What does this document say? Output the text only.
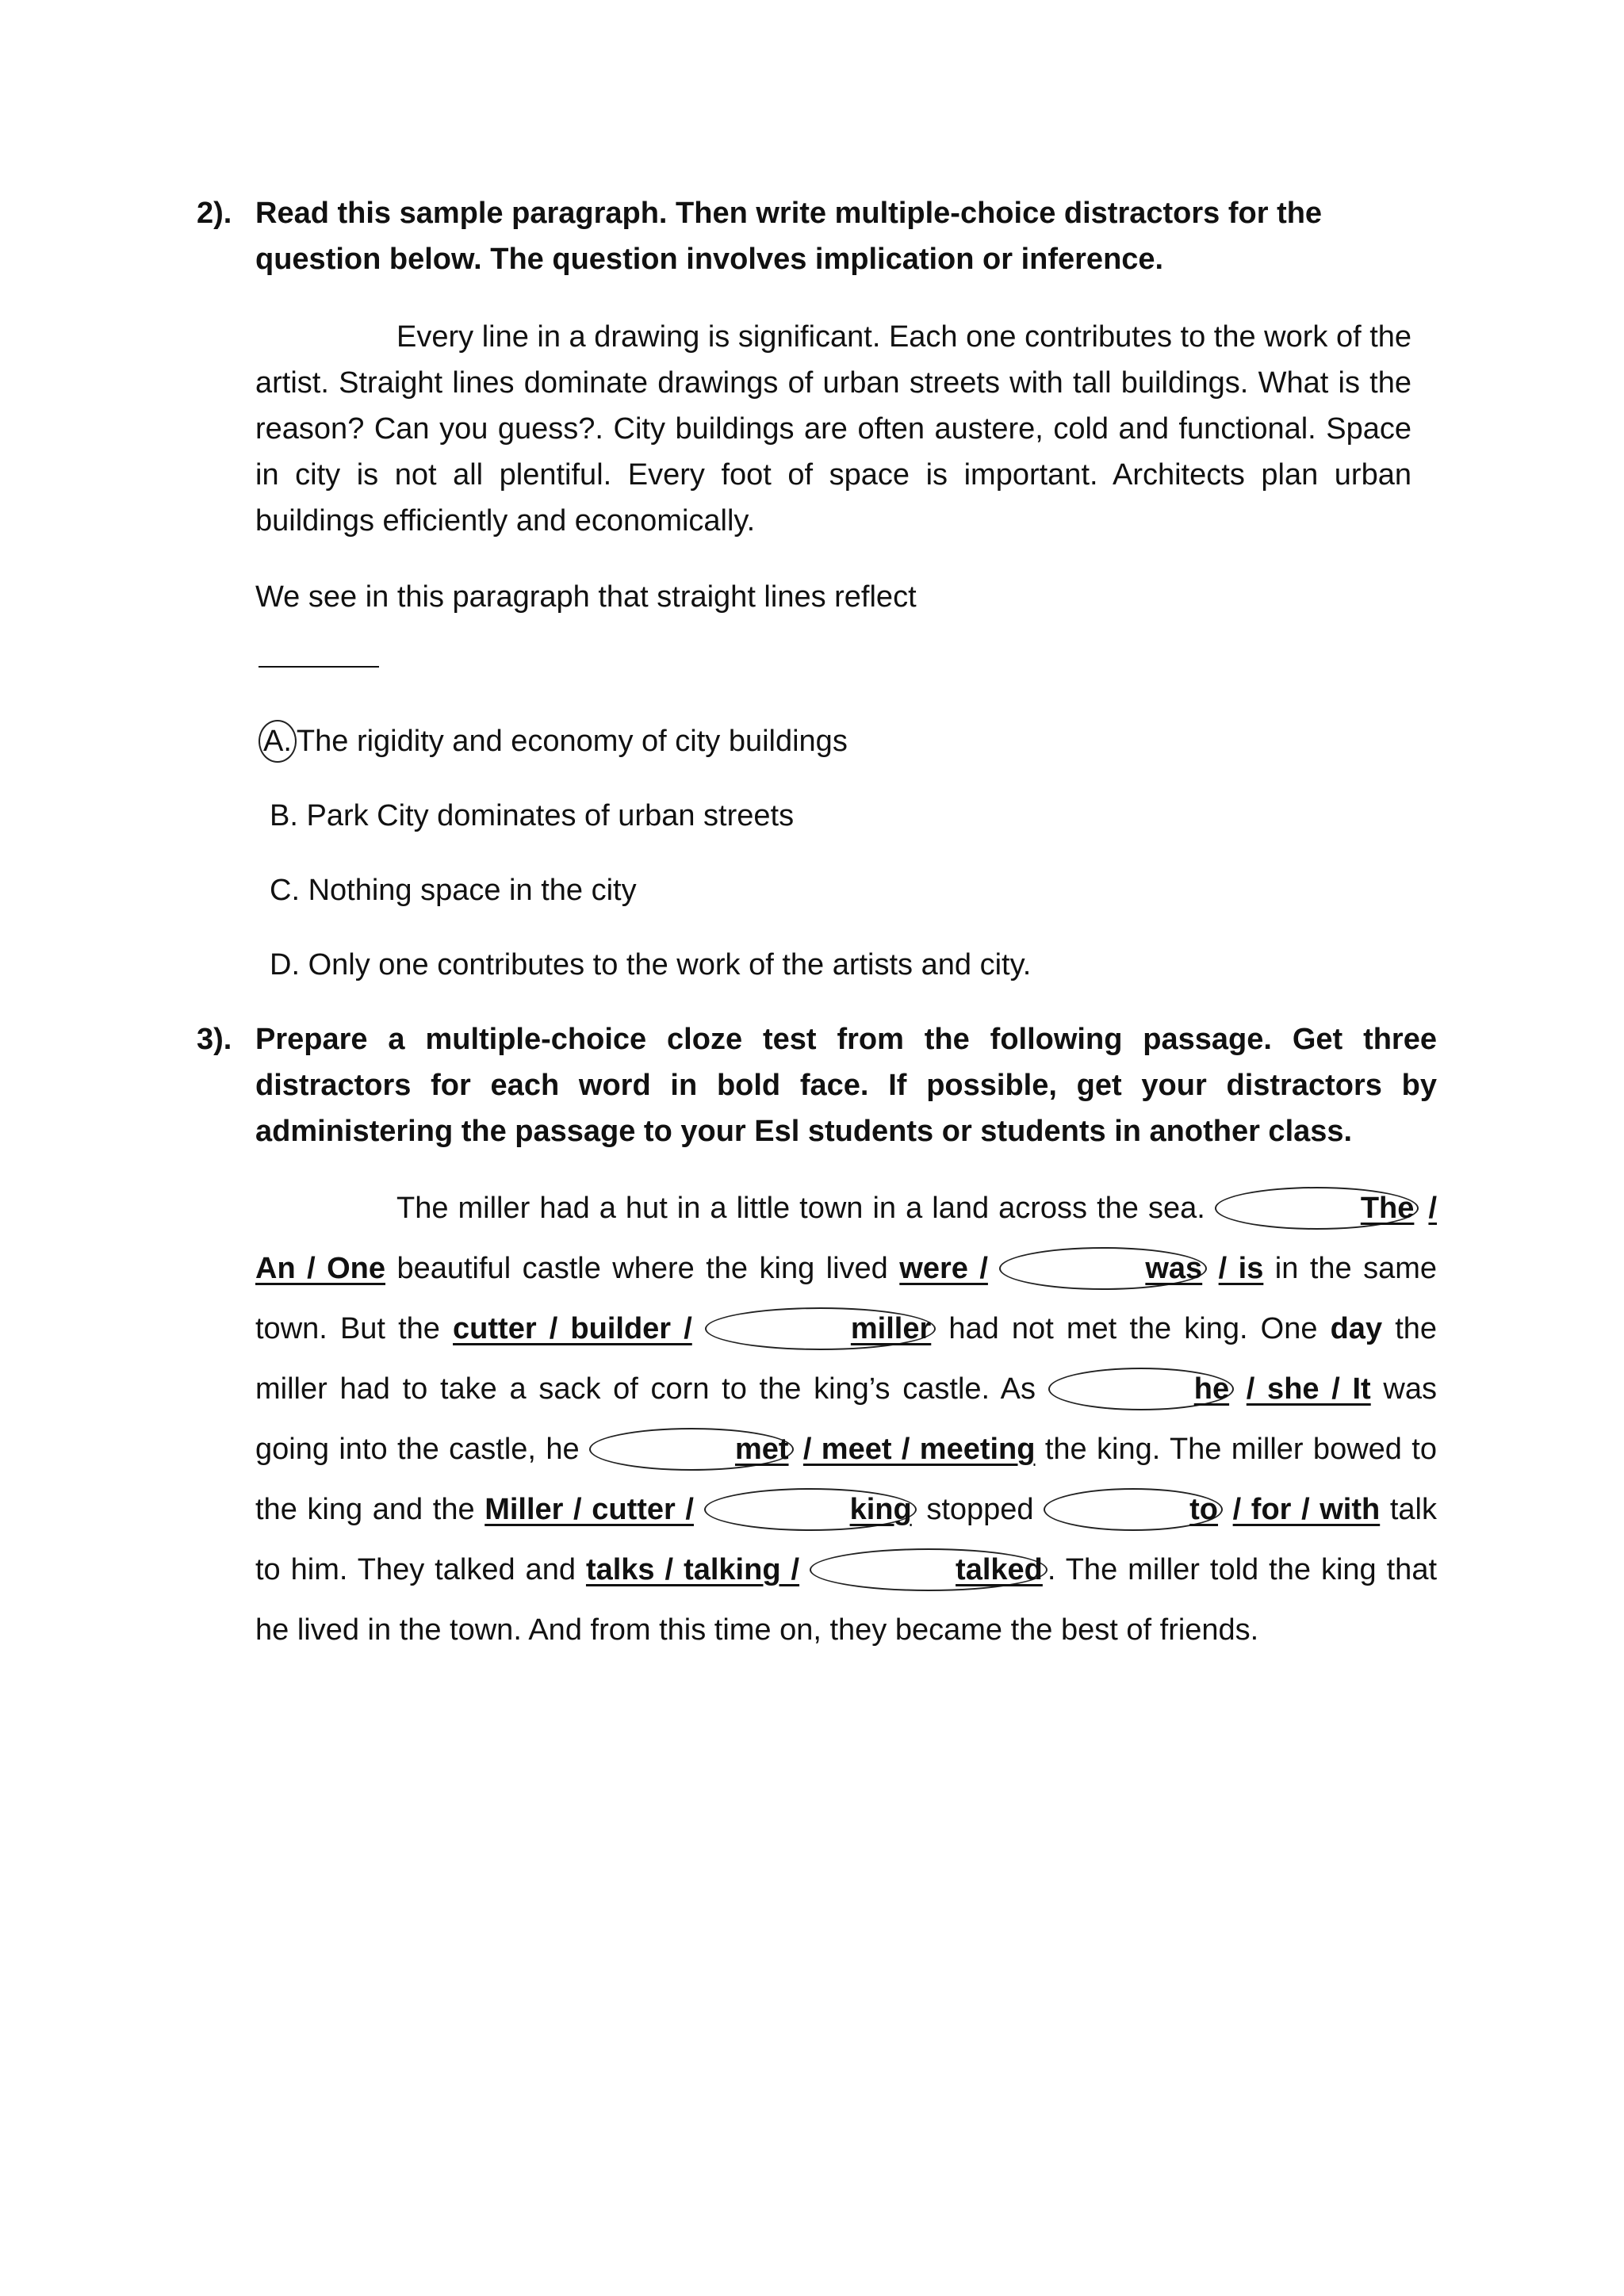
2). Read this sample paragraph. Then write multiple-choice distractors for the question below. The question involves implication or inference.
Every line in a drawing is significant. Each one contributes to the work of the artist. Straight lines dominate drawings of urban streets with tall buildings. What is the reason? Can you guess?. City buildings are often austere, cold and functional. Space in city is not all plentiful. Every foot of space is important. Architects plan urban buildings efficiently and economically.
We see in this paragraph that straight lines reflect
A. The rigidity and economy of city buildings
B. Park City dominates of urban streets
C. Nothing space in the city
D. Only one contributes to the work of the artists and city.
3). Prepare a multiple-choice cloze test from the following passage. Get three distractors for each word in bold face. If possible, get your distractors by administering the passage to your Esl students or students in another class.
The miller had a hut in a little town in a land across the sea.	The / An / One beautiful castle where the king lived were /	was / is in the same town. But the cutter / builder /	miller had not met the king. One day the miller had to take a sack of corn to the king’s castle. As	he / she / It was going into the castle, he	met / meet / meeting the king. The miller bowed to the king and the Miller / cutter /	king stopped	to / for / with talk to him. They talked and talks / talking /	talked . The miller told the king that he lived in the town. And from this time on, they became the best of friends.
